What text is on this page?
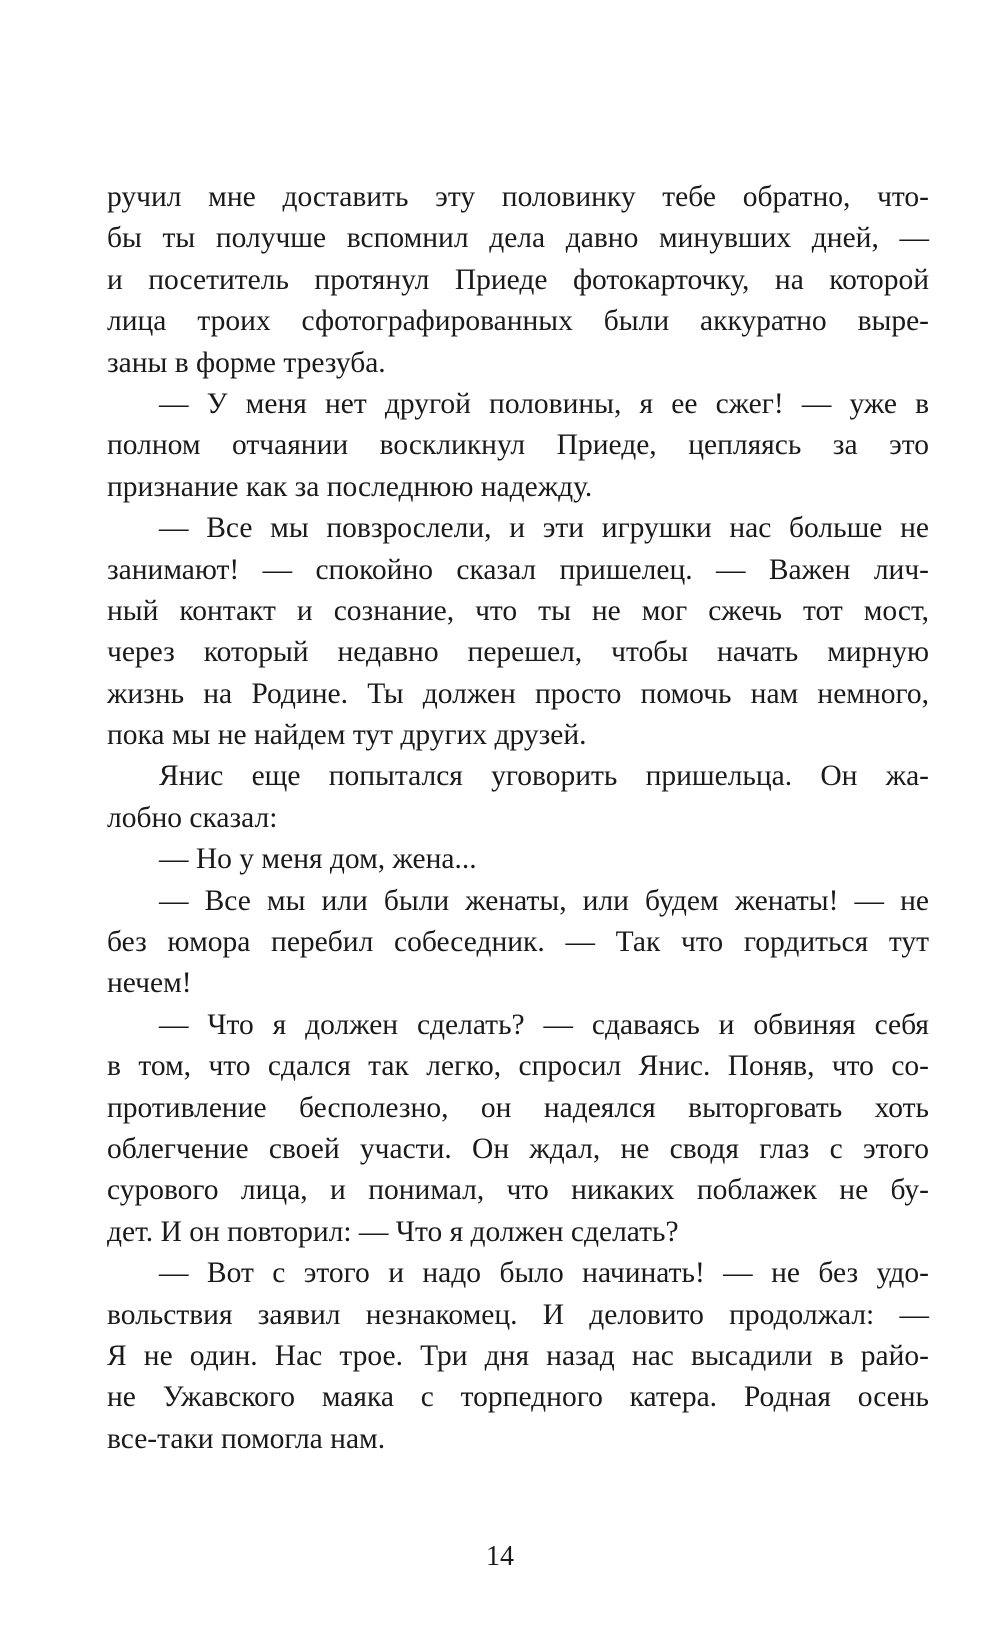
ручил мне доставить эту половинку тебе обратно, что-
бы ты получше вспомнил дела давно минувших дней, —
и посетитель протянул Приеде фотокарточку, на которой
лица троих сфотографированных были аккуратно выре-
заны в форме трезуба.
— У меня нет другой половины, я ее сжег! — уже в
полном отчаянии воскликнул Приеде, цепляясь за это
признание как за последнюю надежду.
— Все мы повзрослели, и эти игрушки нас больше не
занимают! — спокойно сказал пришелец. — Важен лич-
ный контакт и сознание, что ты не мог сжечь тот мост,
через который недавно перешел, чтобы начать мирную
жизнь на Родине. Ты должен просто помочь нам немного,
пока мы не найдем тут других друзей.
Янис еще попытался уговорить пришельца. Он жа-
лобно сказал:
— Но у меня дом, жена...
— Все мы или были женаты, или будем женаты! — не
без юмора перебил собеседник. — Так что гордиться тут
нечем!
— Что я должен сделать? — сдаваясь и обвиняя себя
в том, что сдался так легко, спросил Янис. Поняв, что со-
противление бесполезно, он надеялся выторговать хоть
облегчение своей участи. Он ждал, не сводя глаз с этого
сурового лица, и понимал, что никаких поблажек не бу-
дет. И он повторил: — Что я должен сделать?
— Вот с этого и надо было начинать! — не без удо-
вольствия заявил незнакомец. И деловито продолжал: —
Я не один. Нас трое. Три дня назад нас высадили в райо-
не Ужавского маяка с торпедного катера. Родная осень
все-таки помогла нам.
14
